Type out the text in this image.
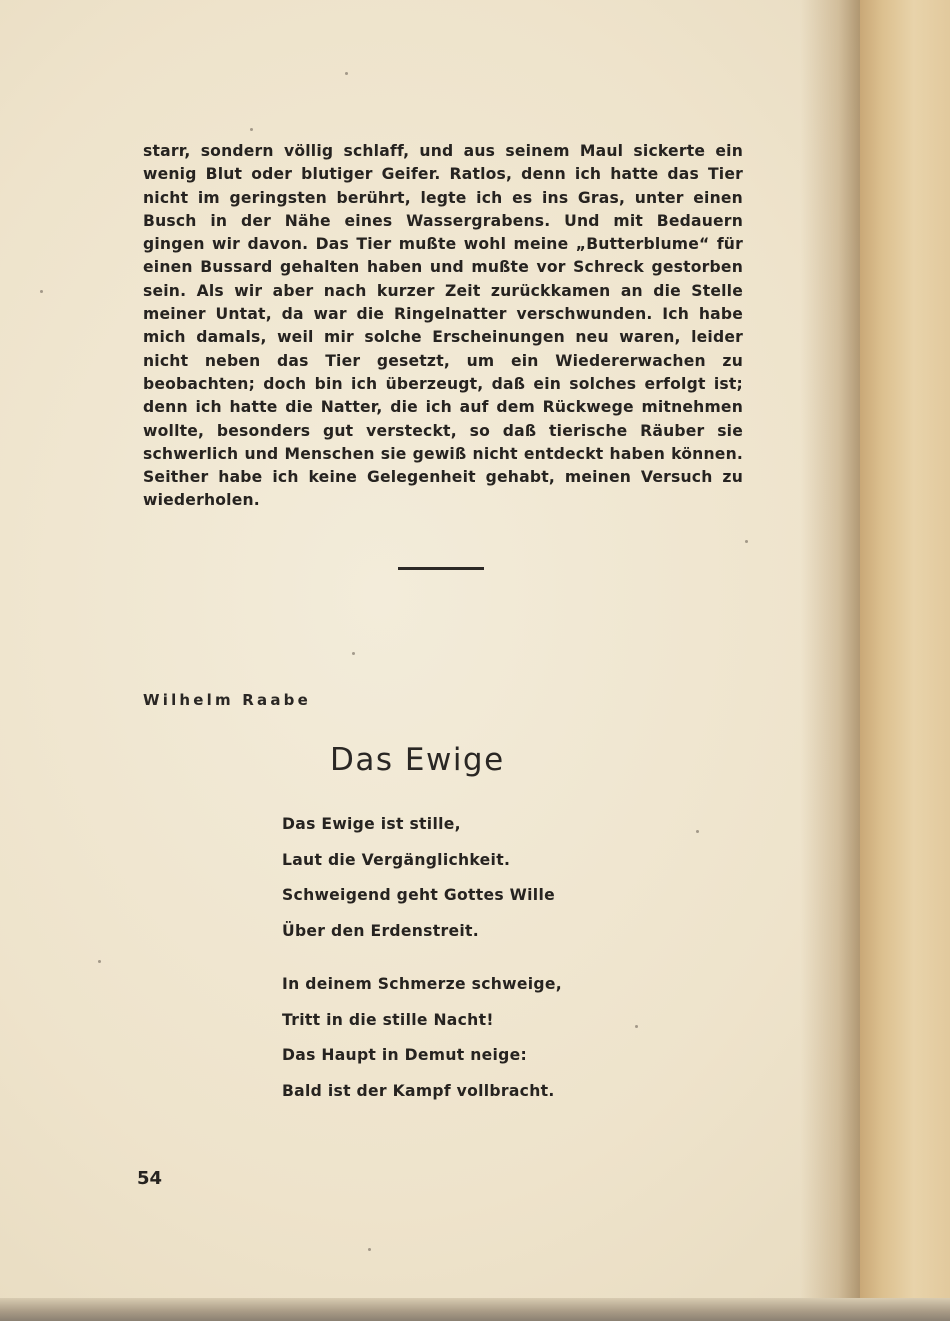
starr, sondern völlig schlaff, und aus seinem Maul sickerte ein wenig Blut oder blutiger Geifer. Ratlos, denn ich hatte das Tier nicht im geringsten berührt, legte ich es ins Gras, unter einen Busch in der Nähe eines Wassergrabens. Und mit Bedauern gingen wir davon. Das Tier mußte wohl meine „Butterblume“ für einen Bussard gehalten haben und mußte vor Schreck gestorben sein. Als wir aber nach kurzer Zeit zurückkamen an die Stelle meiner Untat, da war die Ringelnatter verschwunden. Ich habe mich damals, weil mir solche Erscheinungen neu waren, leider nicht neben das Tier gesetzt, um ein Wiedererwachen zu beobachten; doch bin ich überzeugt, daß ein solches erfolgt ist; denn ich hatte die Natter, die ich auf dem Rückwege mitnehmen wollte, besonders gut versteckt, so daß tierische Räuber sie schwerlich und Menschen sie gewiß nicht entdeckt haben können. Seither habe ich keine Gelegenheit gehabt, meinen Versuch zu wiederholen.

Wilhelm Raabe
Das Ewige
Das Ewige ist stille,
Laut die Vergänglichkeit.
Schweigend geht Gottes Wille
Über den Erdenstreit.
In deinem Schmerze schweige,
Tritt in die stille Nacht!
Das Haupt in Demut neige:
Bald ist der Kampf vollbracht.
54
